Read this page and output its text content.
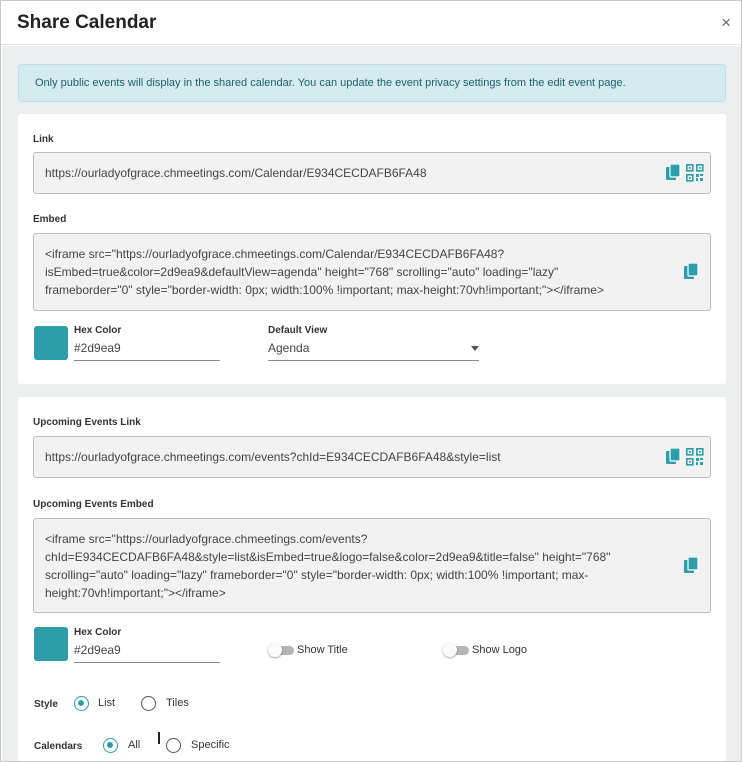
Share Calendar	×
Only public events will display in the shared calendar. You can update the event privacy settings from the edit event page.
Link
https://ourladyofgrace.chmeetings.com/Calendar/E934CECDAFB6FA48
Embed
<iframe src="https://ourladyofgrace.chmeetings.com/Calendar/E934CECDAFB6FA48?
isEmbed=true&color=2d9ea9&defaultView=agenda" height="768" scrolling="auto" loading="lazy"
frameborder="0" style="border-width: 0px; width:100% !important; max-height:70vh!important;"></iframe>
Hex Color
#2d9ea9
Default View
Agenda
Upcoming Events Link
https://ourladyofgrace.chmeetings.com/events?chId=E934CECDAFB6FA48&style=list
Upcoming Events Embed
<iframe src="https://ourladyofgrace.chmeetings.com/events?
chId=E934CECDAFB6FA48&style=list&isEmbed=true&logo=false&color=2d9ea9&title=false" height="768"
scrolling="auto" loading="lazy" frameborder="0" style="border-width: 0px; width:100% !important; max-
height:70vh!important;"></iframe>
Hex Color
#2d9ea9	Show Title	Show Logo
Style	List	Tiles
Calendars	All	Specific
